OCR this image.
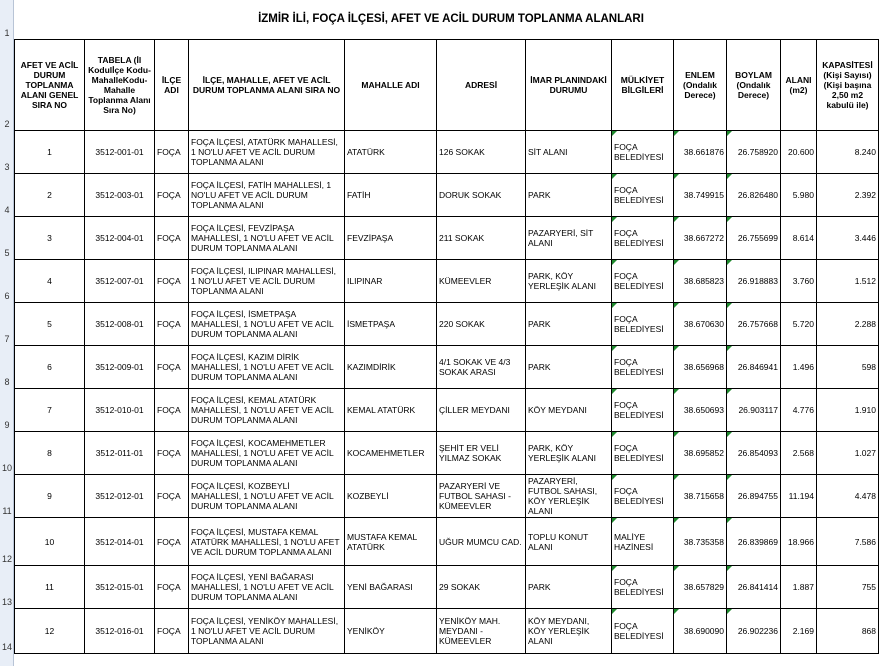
İZMİR İLİ, FOÇA İLÇESİ, AFET VE ACİL DURUM TOPLANMA ALANLARI
AFET VE ACİL DURUM TOPLANMA ALANI GENEL SIRA NO	TABELA (İl Kodulİçe Kodu-MahalleKodu-Mahalle Toplanma Alanı Sıra No)	İLÇE ADI	İLÇE, MAHALLE, AFET VE ACİL DURUM TOPLANMA ALANI SIRA NO	MAHALLE ADI	ADRESİ	İMAR PLANINDAKİ DURUMU	MÜLKİYET BİLGİLERİ	ENLEM (Ondalık Derece)	BOYLAM (Ondalık Derece)	ALANI (m2)	KAPASİTESİ (Kişi Sayısı) (Kişi başına 2,50 m2 kabulü ile)
1	3512-001-01	FOÇA	FOÇA İLÇESİ, ATATÜRK MAHALLESİ, 1 NO'LU AFET VE ACİL DURUM TOPLANMA ALANI	ATATÜRK	126 SOKAK	SİT ALANI	FOÇA BELEDİYESİ	38.661876	26.758920	20.600	8.240
2	3512-003-01	FOÇA	FOÇA İLÇESİ, FATİH MAHALLESİ, 1 NO'LU AFET VE ACİL DURUM TOPLANMA ALANI	FATİH	DORUK SOKAK	PARK	FOÇA BELEDİYESİ	38.749915	26.826480	5.980	2.392
3	3512-004-01	FOÇA	FOÇA İLÇESİ, FEVZİPAŞA MAHALLESİ, 1 NO'LU AFET VE ACİL DURUM TOPLANMA ALANI	FEVZİPAŞA	211 SOKAK	PAZARYERİ, SİT ALANI	FOÇA BELEDİYESİ	38.667272	26.755699	8.614	3.446
4	3512-007-01	FOÇA	FOÇA İLÇESİ, ILIPINAR MAHALLESİ, 1 NO'LU AFET VE ACİL DURUM TOPLANMA ALANI	ILIPINAR	KÜMEEVLER	PARK, KÖY YERLEŞİK ALANI	FOÇA BELEDİYESİ	38.685823	26.918883	3.760	1.512
5	3512-008-01	FOÇA	FOÇA İLÇESİ, İSMETPAŞA MAHALLESİ, 1 NO'LU AFET VE ACİL DURUM TOPLANMA ALANI	İSMETPAŞA	220 SOKAK	PARK	FOÇA BELEDİYESİ	38.670630	26.757668	5.720	2.288
6	3512-009-01	FOÇA	FOÇA İLÇESİ, KAZIM DİRİK MAHALLESİ, 1 NO'LU AFET VE ACİL DURUM TOPLANMA ALANI	KAZIMDİRİK	4/1 SOKAK VE 4/3 SOKAK ARASI	PARK	FOÇA BELEDİYESİ	38.656968	26.846941	1.496	598
7	3512-010-01	FOÇA	FOÇA İLÇESİ, KEMAL ATATÜRK MAHALLESİ, 1 NO'LU AFET VE ACİL DURUM TOPLANMA ALANI	KEMAL ATATÜRK	ÇİLLER MEYDANI	KÖY MEYDANI	FOÇA BELEDİYESİ	38.650693	26.903117	4.776	1.910
8	3512-011-01	FOÇA	FOÇA İLÇESİ, KOCAMEHMETLER MAHALLESİ, 1 NO'LU AFET VE ACİL DURUM TOPLANMA ALANI	KOCAMEHMETLER	ŞEHİT ER VELİ YILMAZ SOKAK	PARK, KÖY YERLEŞİK ALANI	FOÇA BELEDİYESİ	38.695852	26.854093	2.568	1.027
9	3512-012-01	FOÇA	FOÇA İLÇESİ, KOZBEYLİ MAHALLESİ, 1 NO'LU AFET VE ACİL DURUM TOPLANMA ALANI	KOZBEYLİ	PAZARYERİ VE FUTBOL SAHASI - KÜMEEVLER	PAZARYERİ, FUTBOL SAHASI, KÖY YERLEŞİK ALANI	FOÇA BELEDİYESİ	38.715658	26.894755	11.194	4.478
10	3512-014-01	FOÇA	FOÇA İLÇESİ, MUSTAFA KEMAL ATATÜRK MAHALLESİ, 1 NO'LU AFET VE ACİL DURUM TOPLANMA ALANI	MUSTAFA KEMAL ATATÜRK	UĞUR MUMCU CAD.	TOPLU KONUT ALANI	MALİYE HAZİNESİ	38.735358	26.839869	18.966	7.586
11	3512-015-01	FOÇA	FOÇA İLÇESİ, YENİ BAĞARASI MAHALLESİ, 1 NO'LU AFET VE ACİL DURUM TOPLANMA ALANI	YENİ BAĞARASI	29 SOKAK	PARK	FOÇA BELEDİYESİ	38.657829	26.841414	1.887	755
12	3512-016-01	FOÇA	FOÇA İLÇESİ, YENİKÖY MAHALLESİ, 1 NO'LU AFET VE ACİL DURUM TOPLANMA ALANI	YENİKÖY	YENİKÖY MAH. MEYDANI - KÜMEEVLER	KÖY MEYDANI, KÖY YERLEŞİK ALANI	FOÇA BELEDİYESİ	38.690090	26.902236	2.169	868
1
2
3
4
5
6
7
8
9
10
11
12
13
14
